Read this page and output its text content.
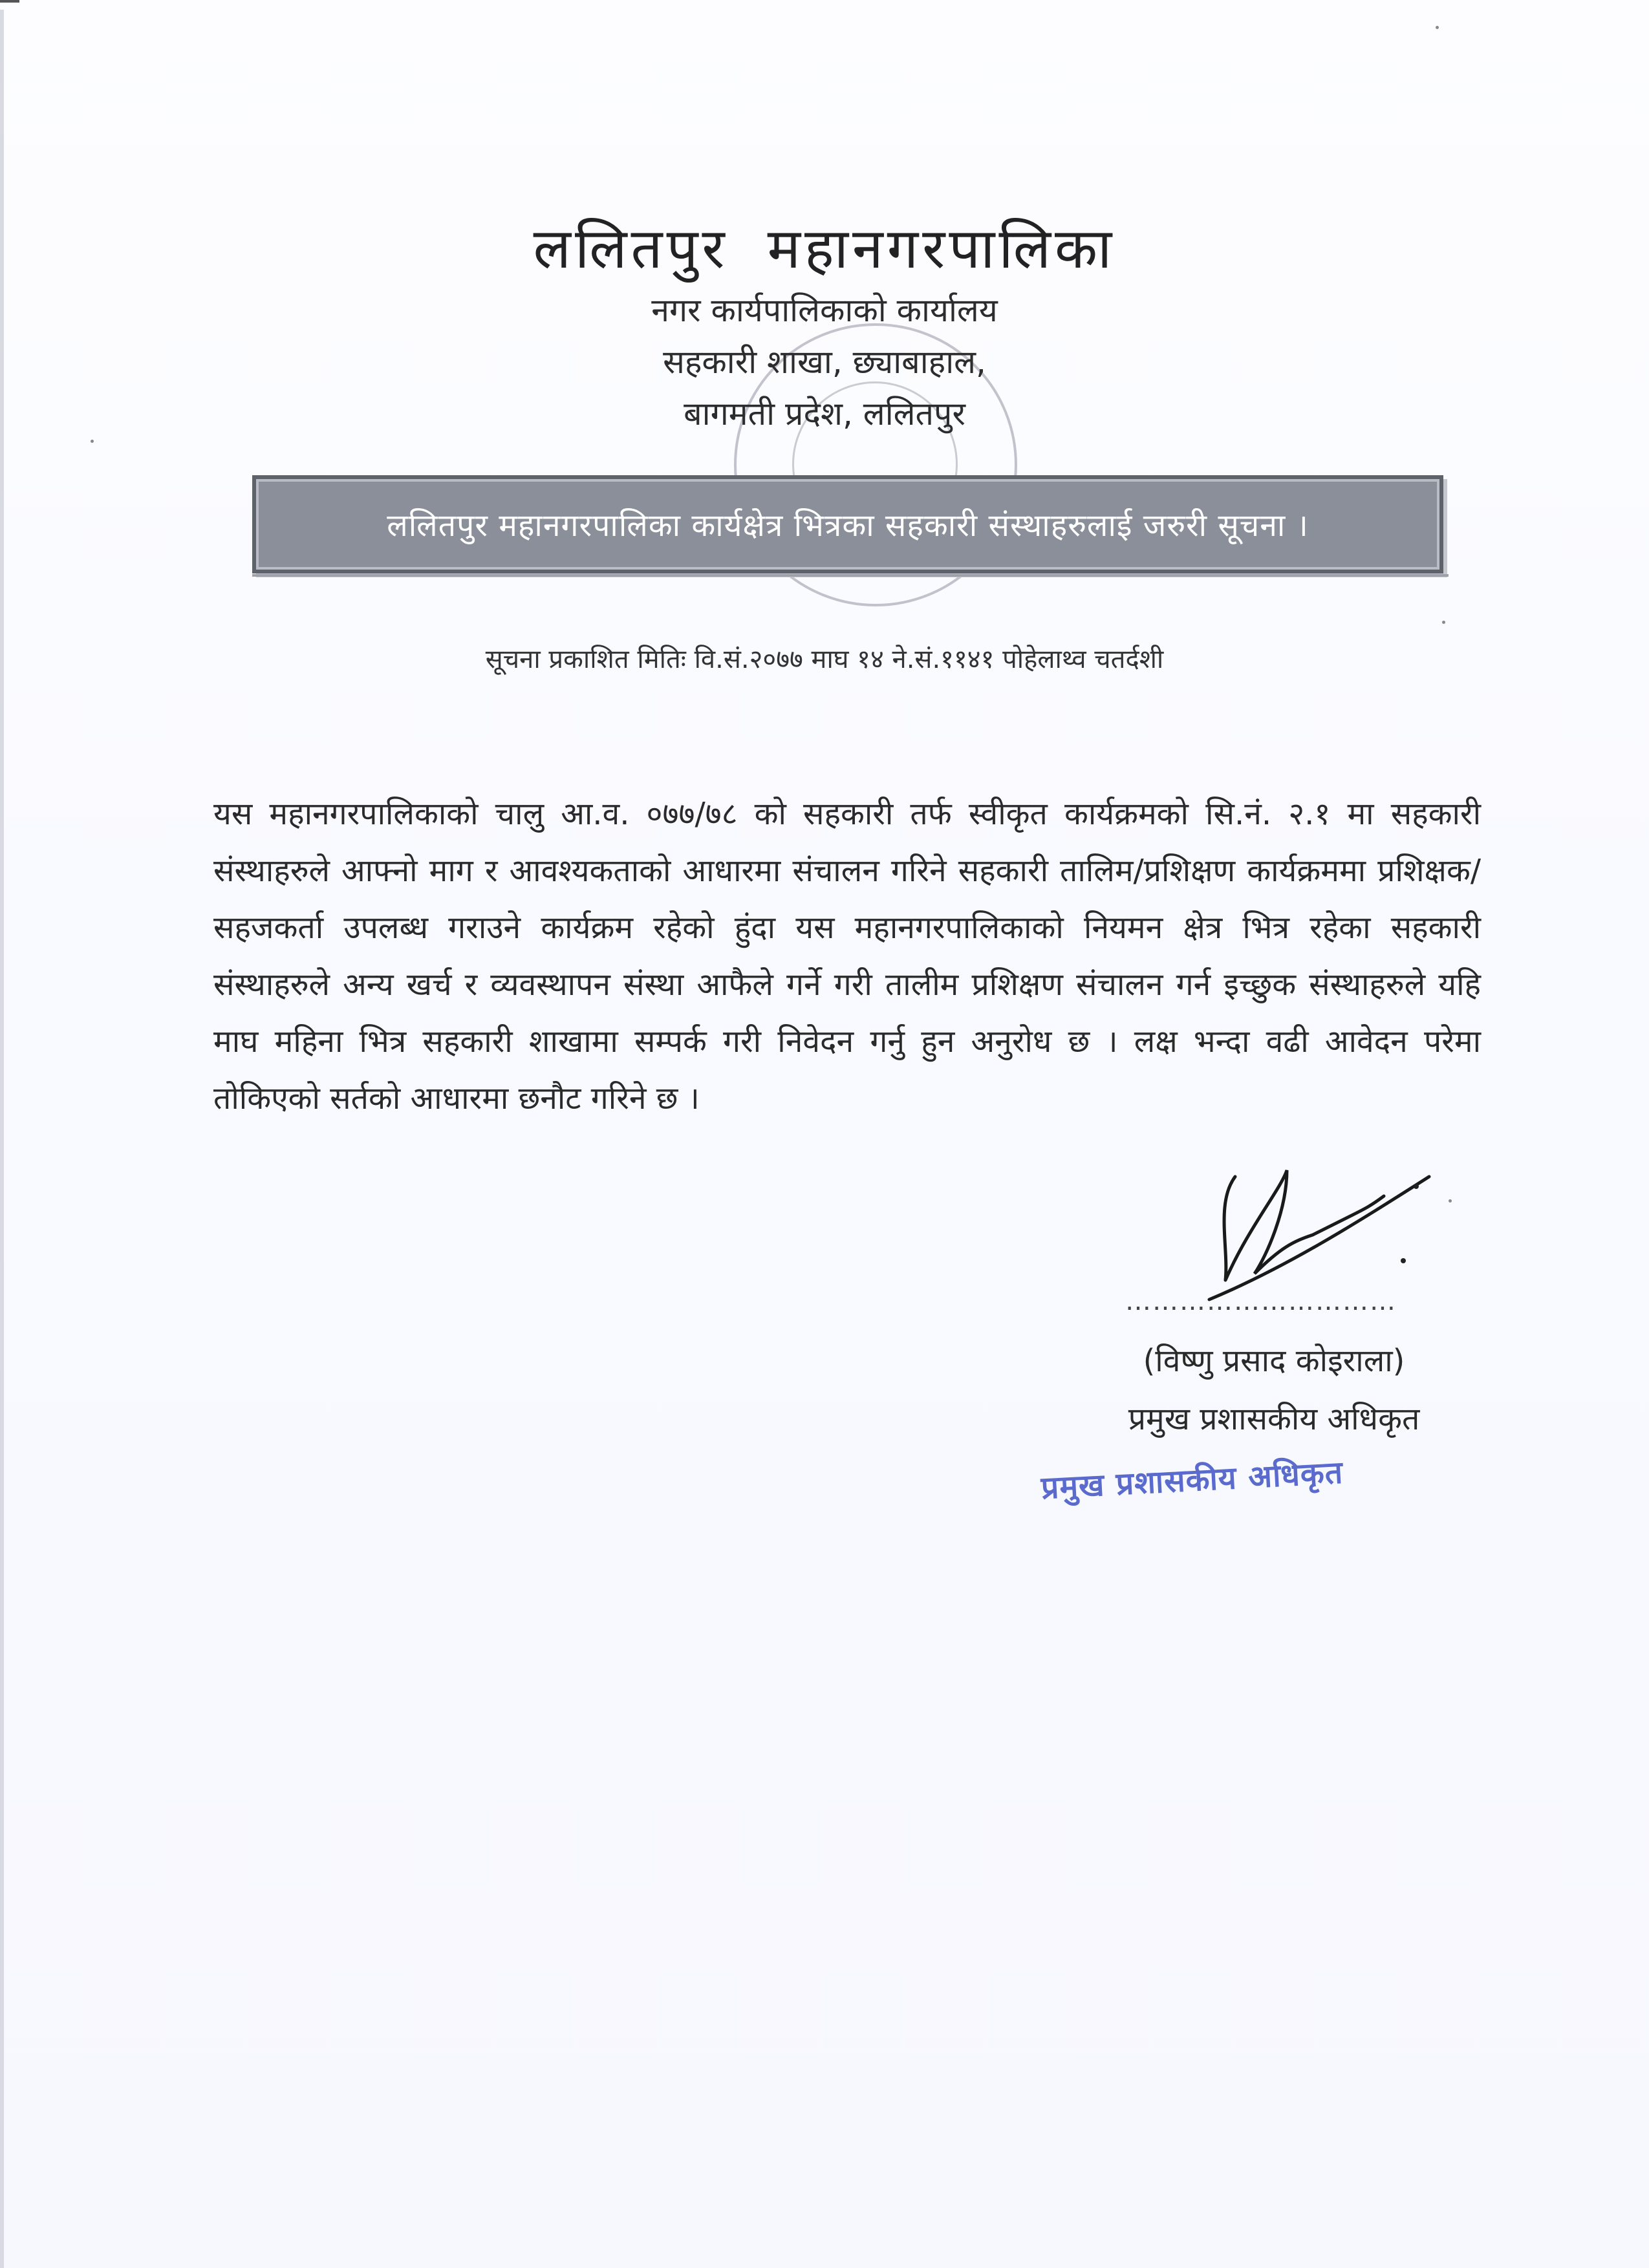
ललितपुर महानगरपालिका
नगर कार्यपालिकाको कार्यालय
सहकारी शाखा, छ्याबाहाल,
बागमती प्रदेश, ललितपुर
ललितपुर महानगरपालिका कार्यक्षेत्र भित्रका सहकारी संस्थाहरुलाई जरुरी सूचना ।
सूचना प्रकाशित मितिः वि.सं.२०७७ माघ १४ ने.सं.११४१ पोहेलाथ्व चतर्दशी
यस महानगरपालिकाको चालु आ.व. ०७७/७८ को सहकारी तर्फ स्वीकृत कार्यक्रमको सि.नं. २.१ मा सहकारी संस्थाहरुले आफ्नो माग र आवश्यकताको आधारमा संचालन गरिने सहकारी तालिम/प्रशिक्षण कार्यक्रममा प्रशिक्षक/सहजकर्ता उपलब्ध गराउने कार्यक्रम रहेको हुंदा यस महानगरपालिकाको नियमन क्षेत्र भित्र रहेका सहकारी संस्थाहरुले अन्य खर्च र व्यवस्थापन संस्था आफैले गर्ने गरी तालीम प्रशिक्षण संचालन गर्न इच्छुक संस्थाहरुले यहि माघ महिना भित्र सहकारी शाखामा सम्पर्क गरी निवेदन गर्नु हुन अनुरोध छ । लक्ष भन्दा वढी आवेदन परेमा तोकिएको सर्तको आधारमा छनौट गरिने छ ।
…………………………
(विष्णु प्रसाद कोइराला)
प्रमुख प्रशासकीय अधिकृत
प्रमुख प्रशासकीय अधिकृत
